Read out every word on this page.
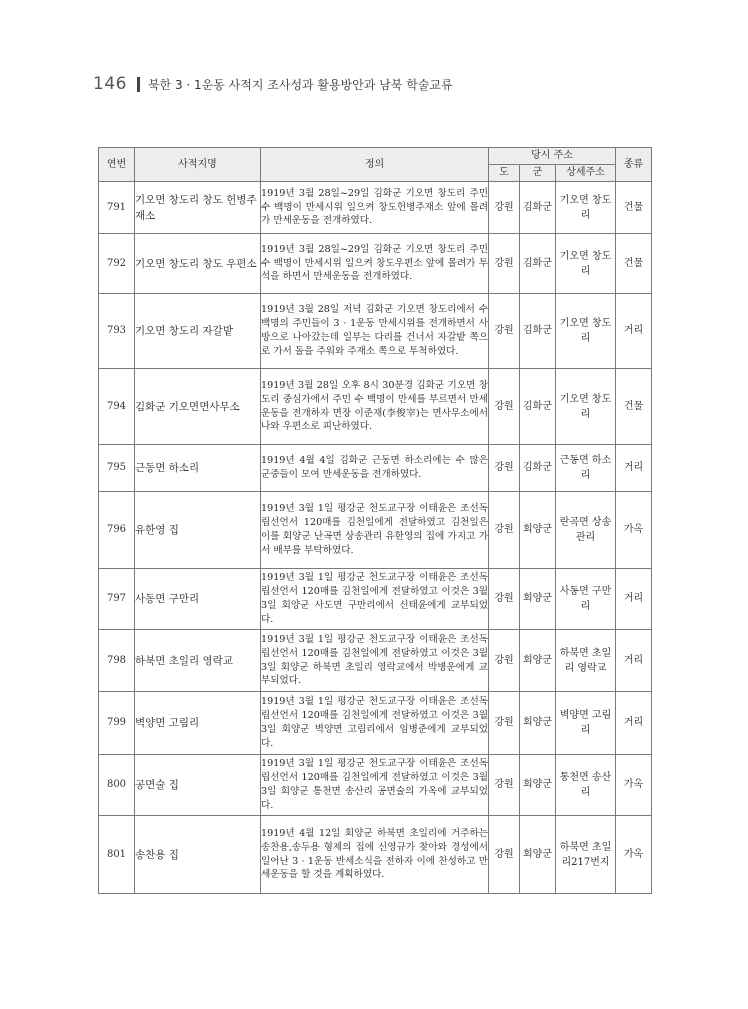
146 북한 3 · 1운동 사적지 조사성과 활용방안과 남북 학술교류
연번	사적지명	정의	당시 주소			종류
			도	군	상세주소	
791	기오면 창도리 창도 헌병주재소	1919년 3월 28일~29일 김화군 기오면 창도리 주민 수 백명이 만세시위 일으켜 창도헌병주재소 앞에 몰려가 만세운동을 전개하였다.	강원	김화군	기오면 창도리	건물
792	기오면 창도리 창도 우편소	1919년 3월 28일~29일 김화군 기오면 창도리 주민 수 백명이 만세시위 일으켜 창도우편소 앞에 몰려가 투석을 하면서 만세운동을 전개하였다.	강원	김화군	기오면 창도리	건물
793	기오면 창도리 자갈밭	1919년 3월 28일 저녁 김화군 기오면 창도리에서 수 백명의 주민들이 3 · 1운동 만세시위를 전개하면서 사방으로 나아갔는데 일부는 다리를 건너서 자갈밭 쪽으로 가서 돌을 주워와 주재소 쪽으로 투척하였다.	강원	김화군	기오면 창도리	거리
794	김화군 기오면면사무소	1919년 3월 28일 오후 8시 30분경 김화군 기오면 창도리 중심가에서 주민 수 백명이 만세를 부르면서 만세운동을 전개하자 면장 이준재(李俊宰)는 면사무소에서 나와 우편소로 피난하였다.	강원	김화군	기오면 창도리	건물
795	근동면 하소리	1919년 4월 4일 김화군 근동면 하소리에는 수 많은 군중들이 모여 만세운동을 전개하였다.	강원	김화군	근동면 하소리	거리
796	유한영 집	1919년 3월 1일 평강군 천도교구장 이태윤은 조선독립선언서 120매를 김천일에게 전달하였고 김천일은 이를 회양군 난곡면 상송관리 유한영의 집에 가지고 가서 배부를 부탁하였다.	강원	회양군	란곡면 상송관리	가옥
797	사동면 구만리	1919년 3월 1일 평강군 천도교구장 이태윤은 조선독립선언서 120매를 김천일에게 전달하였고 이것은 3월 3일 회양군 사도면 구만리에서 신태윤에게 교부되었다.	강원	회양군	사동면 구만리	거리
798	하북면 초일리 영락교	1919년 3월 1일 평강군 천도교구장 이태윤은 조선독립선언서 120매를 김천일에게 전달하였고 이것은 3월 3일 회양군 하북면 초일리 영락교에서 박병운에게 교부되었다.	강원	회양군	하북면 초일리 영락교	거리
799	벽양면 고림리	1919년 3월 1일 평강군 천도교구장 이태윤은 조선독립선언서 120매를 김천일에게 전달하였고 이것은 3월 3일 회양군 벽양면 고림리에서 임병준에게 교부되었다.	강원	회양군	벽양면 고림리	거리
800	공면술 집	1919년 3월 1일 평강군 천도교구장 이태윤은 조선독립선언서 120매를 김천일에게 전달하였고 이것은 3월 3일 회양군 통천면 송산리 공면술의 가옥에 교부되었다.	강원	회양군	통천면 송산리	가옥
801	송찬용 집	1919년 4월 12일 회양군 하북면 초일리에 거주하는 송찬용,송두용 형제의 집에 신영규가 찾아와 경성에서 일어난 3 · 1운동 반세소식을 전하자 이에 찬성하고 만세운동을 할 것을 계획하였다.	강원	회양군	하북면 초일리217번지	가옥
